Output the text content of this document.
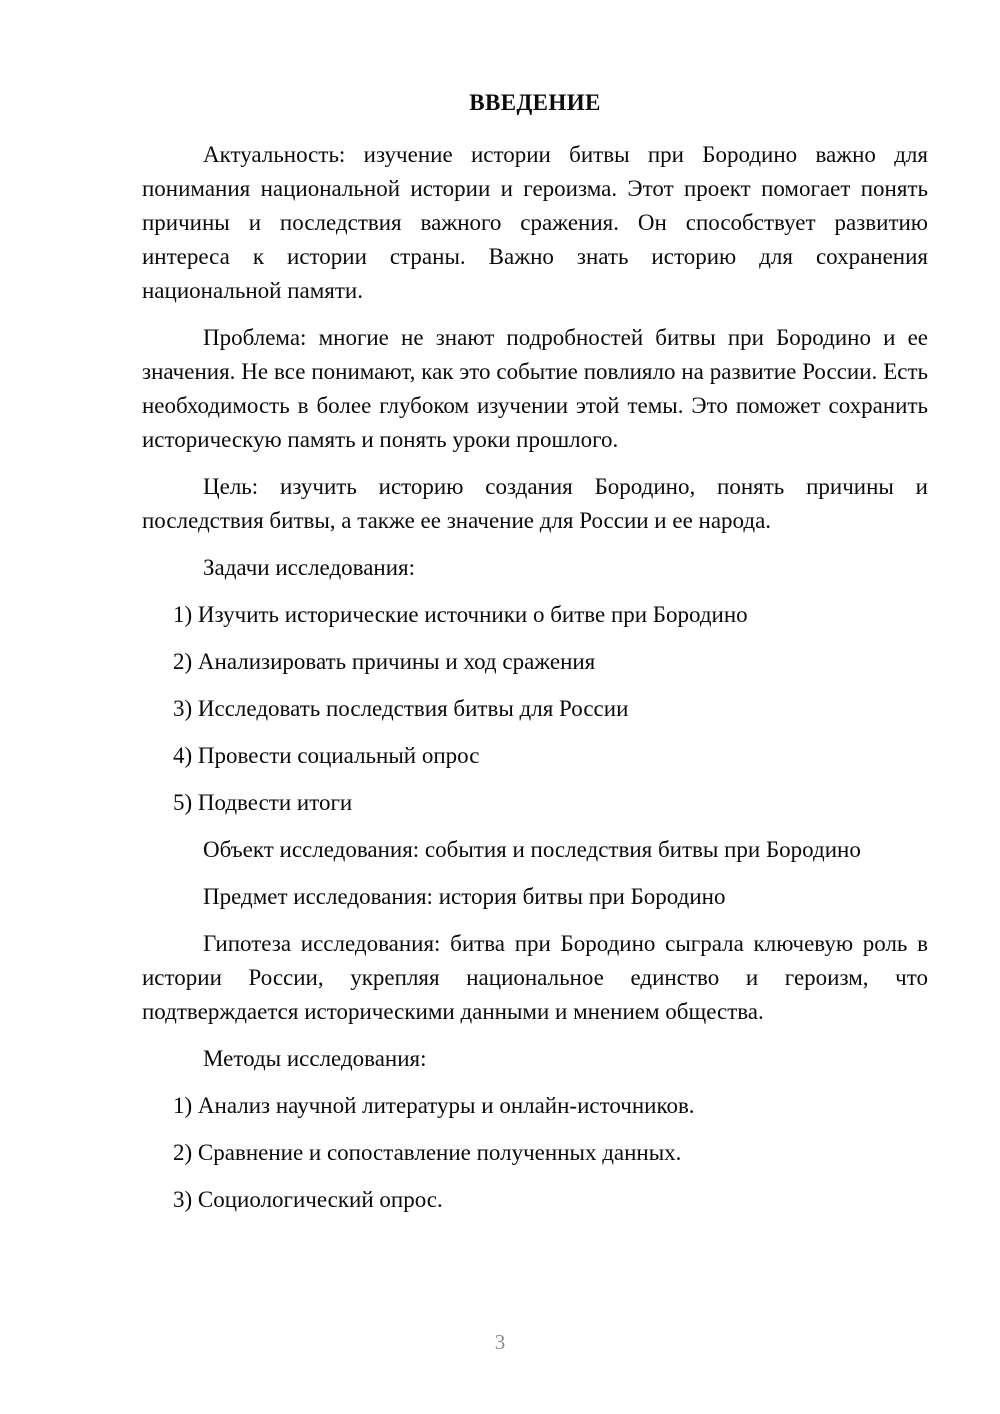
ВВЕДЕНИЕ

Актуальность: изучение истории битвы при Бородино важно для понимания национальной истории и героизма. Этот проект помогает понять причины и последствия важного сражения. Он способствует развитию интереса к истории страны. Важно знать историю для сохранения национальной памяти.

Проблема: многие не знают подробностей битвы при Бородино и ее значения. Не все понимают, как это событие повлияло на развитие России. Есть необходимость в более глубоком изучении этой темы. Это поможет сохранить историческую память и понять уроки прошлого.

Цель: изучить историю создания Бородино, понять причины и последствия битвы, а также ее значение для России и ее народа.

Задачи исследования:

1) Изучить исторические источники о битве при Бородино
2) Анализировать причины и ход сражения
3) Исследовать последствия битвы для России
4) Провести социальный опрос
5) Подвести итоги

Объект исследования: события и последствия битвы при Бородино

Предмет исследования: история битвы при Бородино

Гипотеза исследования: битва при Бородино сыграла ключевую роль в истории России, укрепляя национальное единство и героизм, что подтверждается историческими данными и мнением общества.

Методы исследования:

1) Анализ научной литературы и онлайн-источников.
2) Сравнение и сопоставление полученных данных.
3) Социологический опрос.
3
